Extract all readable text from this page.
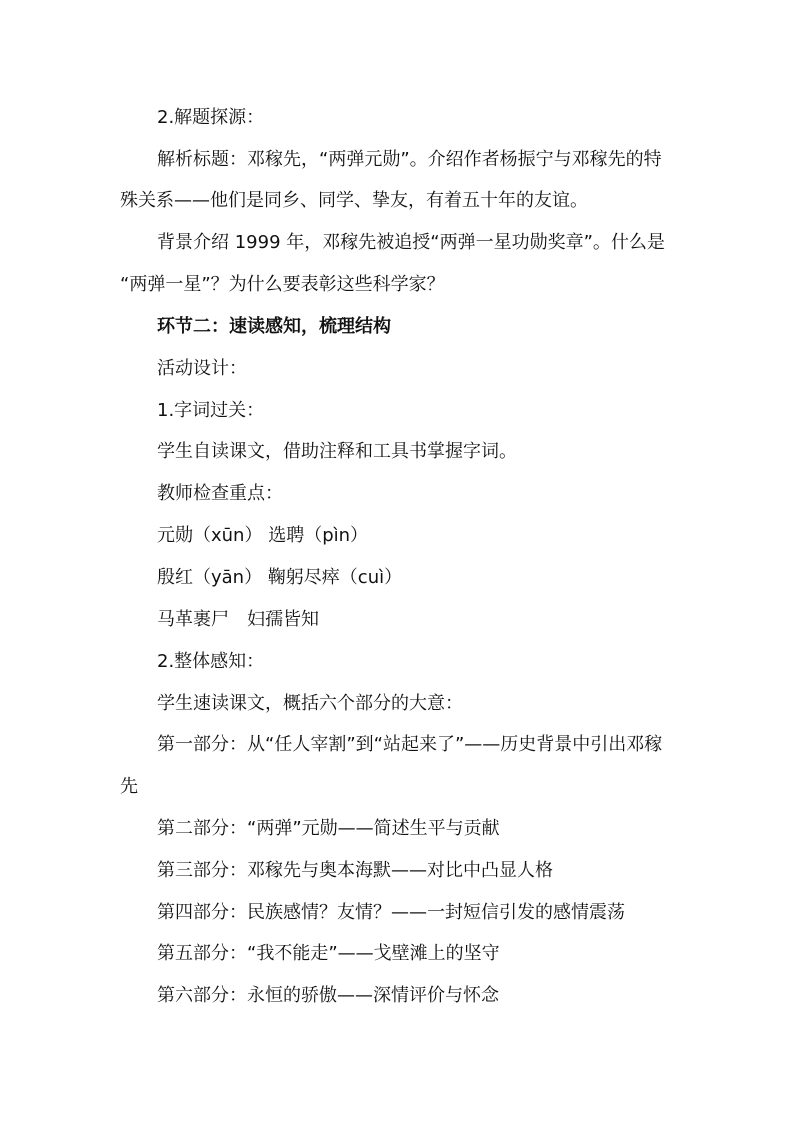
2.解题探源：
解析标题：邓稼先，“两弹元勋”。介绍作者杨振宁与邓稼先的特
殊关系——他们是同乡、同学、挚友，有着五十年的友谊。
背景介绍 1999 年，邓稼先被追授“两弹一星功勋奖章”。什么是
“两弹一星”？为什么要表彰这些科学家？
环节二：速读感知，梳理结构
活动设计：
1.字词过关：
学生自读课文，借助注释和工具书掌握字词。
教师检查重点：
元勋（xūn） 选聘（pìn）
殷红（yān） 鞠躬尽瘁（cuì）
马革裹尸　妇孺皆知
2.整体感知：
学生速读课文，概括六个部分的大意：
第一部分：从“任人宰割”到“站起来了”——历史背景中引出邓稼
先
第二部分：“两弹”元勋——简述生平与贡献
第三部分：邓稼先与奥本海默——对比中凸显人格
第四部分：民族感情？友情？——一封短信引发的感情震荡
第五部分：“我不能走”——戈壁滩上的坚守
第六部分：永恒的骄傲——深情评价与怀念
